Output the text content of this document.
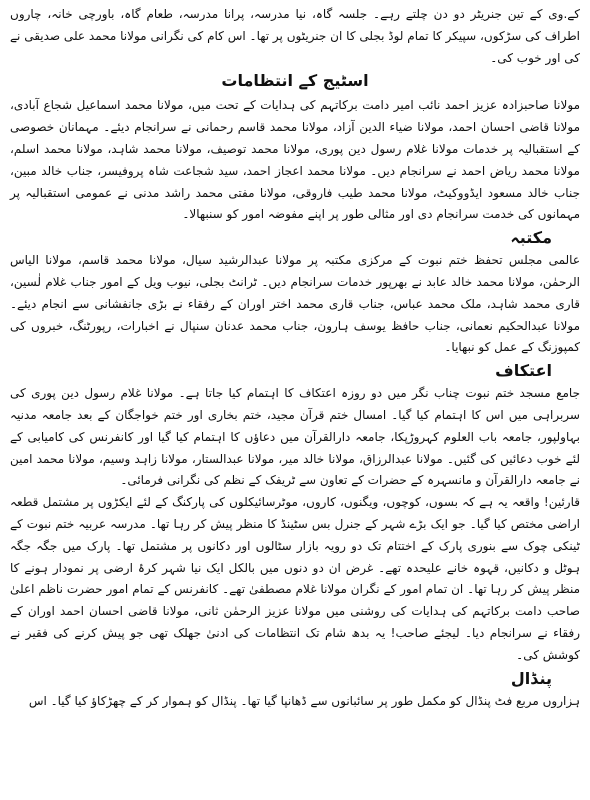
کے.وی کے تین جنریٹر دو دن چلتے رہے۔ جلسہ گاہ، نیا مدرسہ، پرانا مدرسہ، طعام گاہ، باورچی خانہ، چاروں اطراف کی سڑکوں، سپیکر کا تمام لوڈ بجلی کا ان جنریٹوں پر تھا۔ اس کام کی نگرانی مولانا محمد علی صدیقی نے کی اور خوب کی۔

اسٹیج کے انتظامات

مولانا صاحبزادہ عزیز احمد نائب امیر دامت برکاتہم کی ہدایات کے تحت میں، مولانا محمد اسماعیل شجاع آبادی، مولانا قاضی احسان احمد، مولانا ضیاء الدین آزاد، مولانا محمد قاسم رحمانی نے سرانجام دیئے۔ مہمانان خصوصی کے استقبالیہ پر خدمات مولانا غلام رسول دین پوری، مولانا محمد توصیف، مولانا محمد شاہد، مولانا محمد اسلم، مولانا محمد ریاض احمد نے سرانجام دیں۔ مولانا محمد اعجاز احمد، سید شجاعت شاہ پروفیسر، جناب خالد مبین، جناب خالد مسعود ایڈووکیٹ، مولانا محمد طیب فاروقی، مولانا مفتی محمد راشد مدنی نے عمومی استقبالیہ پر مہمانوں کی خدمت سرانجام دی اور مثالی طور پر اپنے مفوضہ امور کو سنبھالا۔

مکتبہ

عالمی مجلس تحفظ ختم نبوت کے مرکزی مکتبہ پر مولانا عبدالرشید سیال، مولانا محمد قاسم، مولانا الیاس الرحمٰن، مولانا محمد خالد عابد نے بھرپور خدمات سرانجام دیں۔ ٹرانٹ بجلی، نیوب ویل کے امور جناب غلام لٰسین، قاری محمد شاہد، ملک محمد عباس، جناب قاری محمد اختر اوران کے رفقاء نے بڑی جانفشانی سے انجام دیئے۔ مولانا عبدالحکیم نعمانی، جناب حافظ یوسف ہارون، جناب محمد عدنان سنپال نے اخبارات، رپورٹنگ، خبروں کی کمپوزنگ کے عمل کو نبھایا۔

اعتکاف

جامع مسجد ختم نبوت چناب نگر میں دو روزہ اعتکاف کا اہتمام کیا جاتا ہے۔ مولانا غلام رسول دین پوری کی سربراہی میں اس کا اہتمام کیا گیا۔ امسال ختم قرآن مجید، ختم بخاری اور ختم خواجگان کے بعد جامعہ مدنیہ بہاولپور، جامعہ باب العلوم کہروڑپکا، جامعہ دارالقرآن میں دعاؤں کا اہتمام کیا گیا اور کانفرنس کی کامیابی کے لئے خوب دعائیں کی گئیں۔ مولانا عبدالرزاق، مولانا خالد میر، مولانا عبدالستار، مولانا زاہد وسیم، مولانا محمد امین نے جامعہ دارالقرآن و مانسہرہ کے حضرات کے تعاون سے ٹریفک کے نظم کی نگرانی فرمائی۔

قارئین! واقعہ یہ ہے کہ بسوں، کوچوں، ویگنوں، کاروں، موٹرسائیکلوں کی پارکنگ کے لئے ایکڑوں پر مشتمل قطعہ اراضی مختص کیا گیا۔ جو ایک بڑے شہر کے جنرل بس سٹینڈ کا منظر پیش کر رہا تھا۔ مدرسہ عربیہ ختم نبوت کے ٹینکی چوک سے بنوری پارک کے اختتام تک دو رویہ بازار سٹالوں اور دکانوں پر مشتمل تھا۔ پارک میں جگہ جگہ ہوٹل و دکانیں، قہوہ خانے علیحدہ تھے۔ غرض ان دو دنوں میں بالکل ایک نیا شہر کرۂ ارضی پر نمودار ہونے کا منظر پیش کر رہا تھا۔ ان تمام امور کے نگران مولانا غلام مصطفیٰ تھے۔ کانفرنس کے تمام امور حضرت ناظم اعلیٰ صاحب دامت برکاتہم کی ہدایات کی روشنی میں مولانا عزیز الرحمٰن ثانی، مولانا قاضی احسان احمد اوران کے رفقاء نے سرانجام دیا۔ لیجئے صاحب! یہ بدھ شام تک انتظامات کی ادنیٰ جھلک تھی جو پیش کرنے کی فقیر نے کوشش کی۔

پنڈال

ہزاروں مربع فٹ پنڈال کو مکمل طور پر سائبانوں سے ڈھانپا گیا تھا۔ پنڈال کو ہموار کر کے چھڑکاؤ کیا گیا۔ اس
